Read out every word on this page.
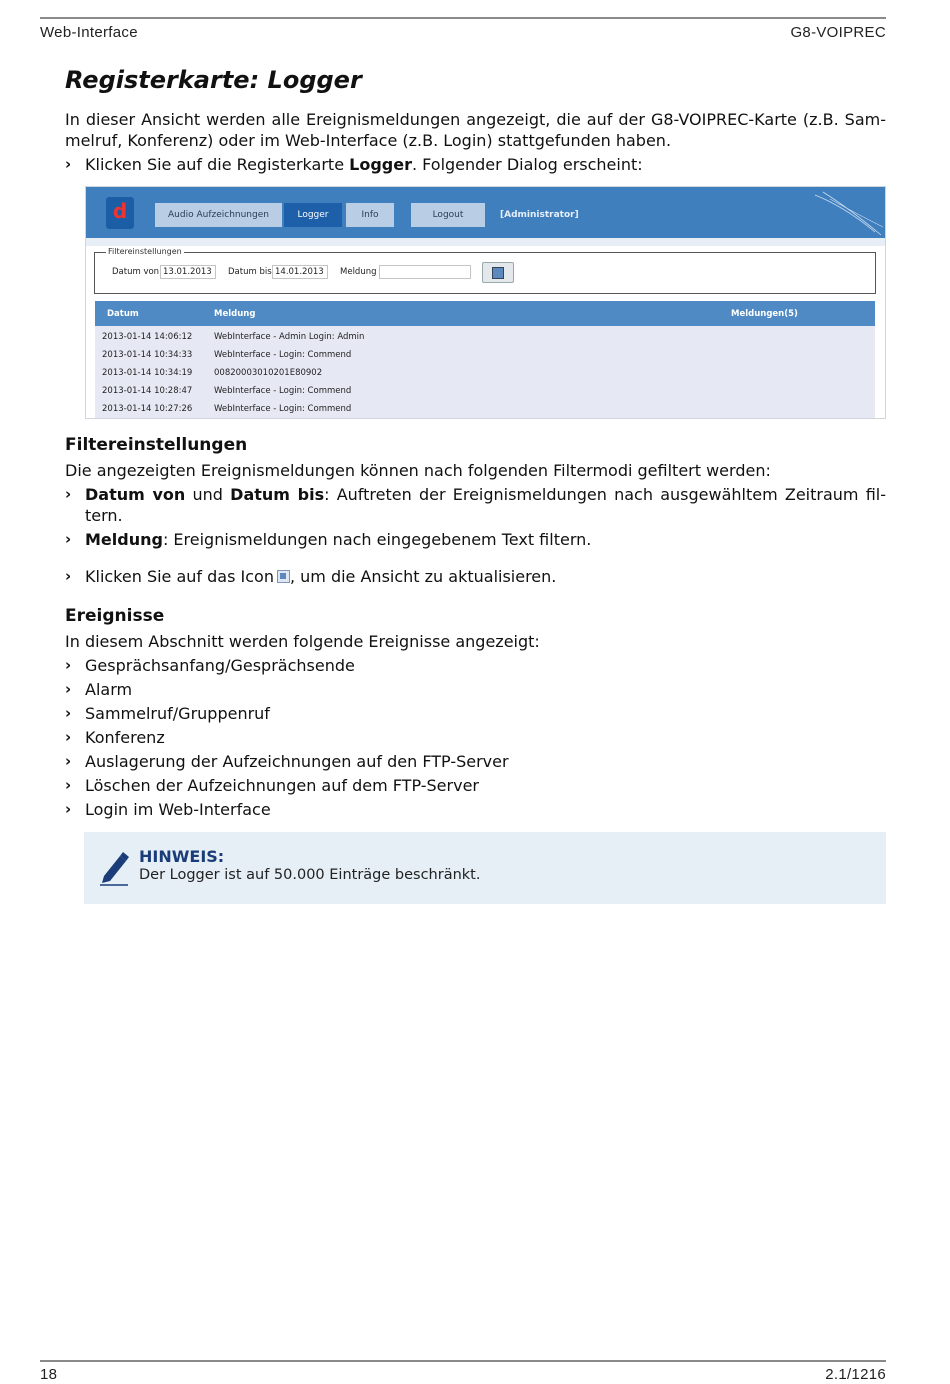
Web-Interface	G8-VOIPREC
Registerkarte: Logger

In dieser Ansicht werden alle Ereignismeldungen angezeigt, die auf der G8-VOIPREC-Karte (z.B. Sam-melruf, Konferenz) oder im Web-Interface (z.B. Login) stattgefunden haben.

› Klicken Sie auf die Registerkarte Logger. Folgender Dialog erscheint:
d	Audio Aufzeichnungen	Logger	Info	Logout	[Administrator]
Filtereinstellungen
Datum von 13.01.2013	Datum bis 14.01.2013	Meldung
Datum	Meldung	Meldungen(5)
2013-01-14 14:06:12	WebInterface - Admin Login: Admin
2013-01-14 10:34:33	WebInterface - Login: Commend
2013-01-14 10:34:19	00820003010201E80902
2013-01-14 10:28:47	WebInterface - Login: Commend
2013-01-14 10:27:26	WebInterface - Login: Commend
Filtereinstellungen

Die angezeigten Ereignismeldungen können nach folgenden Filtermodi gefiltert werden:

› Datum von und Datum bis: Auftreten der Ereignismeldungen nach ausgewähltem Zeitraum fil-tern.
› Meldung: Ereignismeldungen nach eingegebenem Text filtern.
› Klicken Sie auf das Icon , um die Ansicht zu aktualisieren.
Ereignisse

In diesem Abschnitt werden folgende Ereignisse angezeigt:

› Gesprächsanfang/Gesprächsende
› Alarm
› Sammelruf/Gruppenruf
› Konferenz
› Auslagerung der Aufzeichnungen auf den FTP-Server
› Löschen der Aufzeichnungen auf dem FTP-Server
› Login im Web-Interface
HINWEIS:
Der Logger ist auf 50.000 Einträge beschränkt.
18	2.1/1216
